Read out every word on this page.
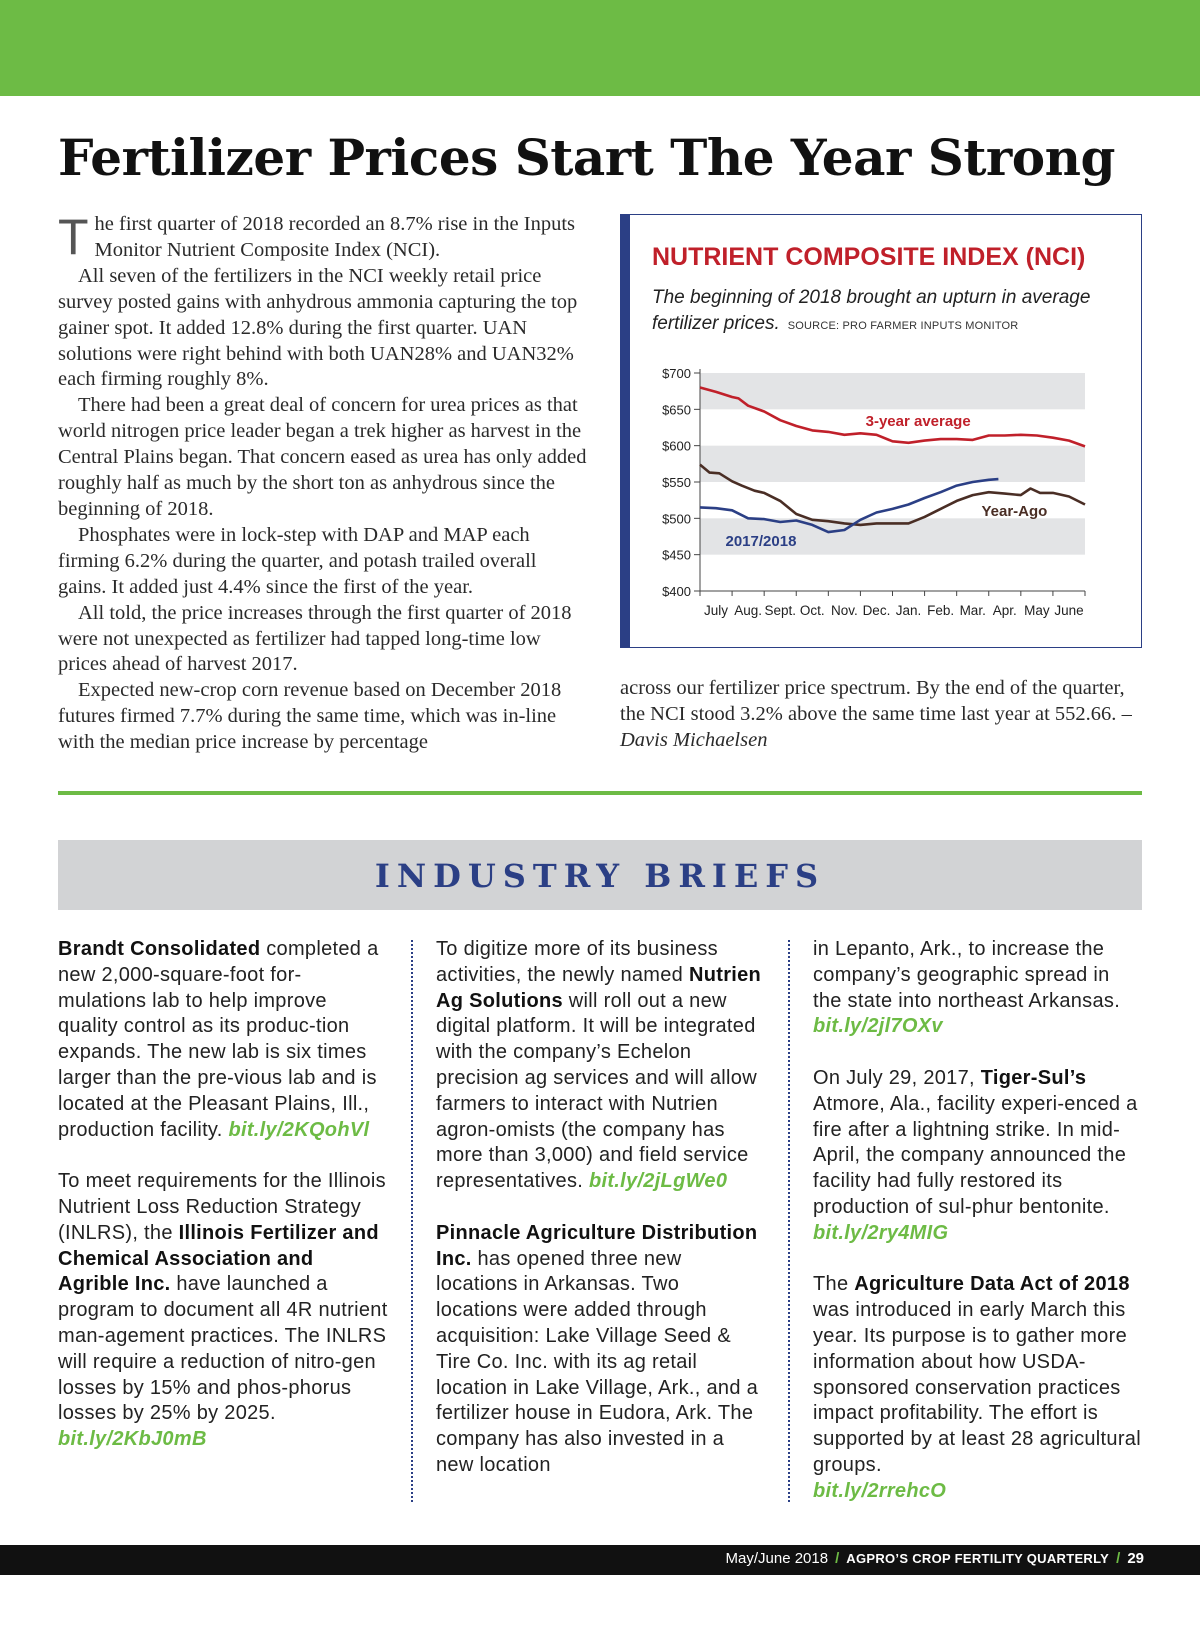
Fertilizer Prices Start The Year Strong

The first quarter of 2018 recorded an 8.7% rise in the Inputs Monitor Nutrient Composite Index (NCI).

All seven of the fertilizers in the NCI weekly retail price survey posted gains with anhydrous ammonia capturing the top gainer spot. It added 12.8% during the first quarter. UAN solutions were right behind with both UAN28% and UAN32% each firming roughly 8%.

There had been a great deal of concern for urea prices as that world nitrogen price leader began a trek higher as harvest in the Central Plains began. That concern eased as urea has only added roughly half as much by the short ton as anhydrous since the beginning of 2018.

Phosphates were in lock-step with DAP and MAP each firming 6.2% during the quarter, and potash trailed overall gains. It added just 4.4% since the first of the year.

All told, the price increases through the first quarter of 2018 were not unexpected as fertilizer had tapped long-time low prices ahead of harvest 2017.

Expected new-crop corn revenue based on December 2018 futures firmed 7.7% during the same time, which was in-line with the median price increase by percentage

across our fertilizer price spectrum. By the end of the quarter, the NCI stood 3.2% above the same time last year at 552.66. –Davis Michaelsen

NUTRIENT COMPOSITE INDEX (NCI)
The beginning of 2018 brought an upturn in average fertilizer prices. SOURCE: PRO FARMER INPUTS MONITOR
$700
$650
$600
$550
$500
$450
$400
July Aug. Sept. Oct. Nov. Dec. Jan. Feb. Mar. Apr. May June
3-year average
Year-Ago
2017/2018
INDUSTRY BRIEFS

Brandt Consolidated completed a new 2,000-square-foot for-mulations lab to help improve quality control as its produc-tion expands. The new lab is six times larger than the pre-vious lab and is located at the Pleasant Plains, Ill., production facility. bit.ly/2KQohVl

To meet requirements for the Illinois Nutrient Loss Reduction Strategy (INLRS), the Illinois Fertilizer and Chemical Association and Agrible Inc. have launched a program to document all 4R nutrient man-agement practices. The INLRS will require a reduction of nitro-gen losses by 15% and phos-phorus losses by 25% by 2025.
bit.ly/2KbJ0mB

To digitize more of its business activities, the newly named Nutrien Ag Solutions will roll out a new digital platform. It will be integrated with the company’s Echelon precision ag services and will allow farmers to interact with Nutrien agron-omists (the company has more than 3,000) and field service representatives. bit.ly/2jLgWe0

Pinnacle Agriculture Distribution Inc. has opened three new locations in Arkansas. Two locations were added through acquisition: Lake Village Seed & Tire Co. Inc. with its ag retail location in Lake Village, Ark., and a fertilizer house in Eudora, Ark. The company has also invested in a new location

in Lepanto, Ark., to increase the company’s geographic spread in the state into northeast Arkansas. bit.ly/2jl7OXv

On July 29, 2017, Tiger-Sul’s Atmore, Ala., facility experi-enced a fire after a lightning strike. In mid-April, the company announced the facility had fully restored its production of sul-phur bentonite. bit.ly/2ry4MIG

The Agriculture Data Act of 2018 was introduced in early March this year. Its purpose is to gather more information about how USDA-sponsored conservation practices impact profitability. The effort is supported by at least 28 agricultural groups.
bit.ly/2rrehcO

May/June 2018 / AGPRO’S CROP FERTILITY QUARTERLY / 29
